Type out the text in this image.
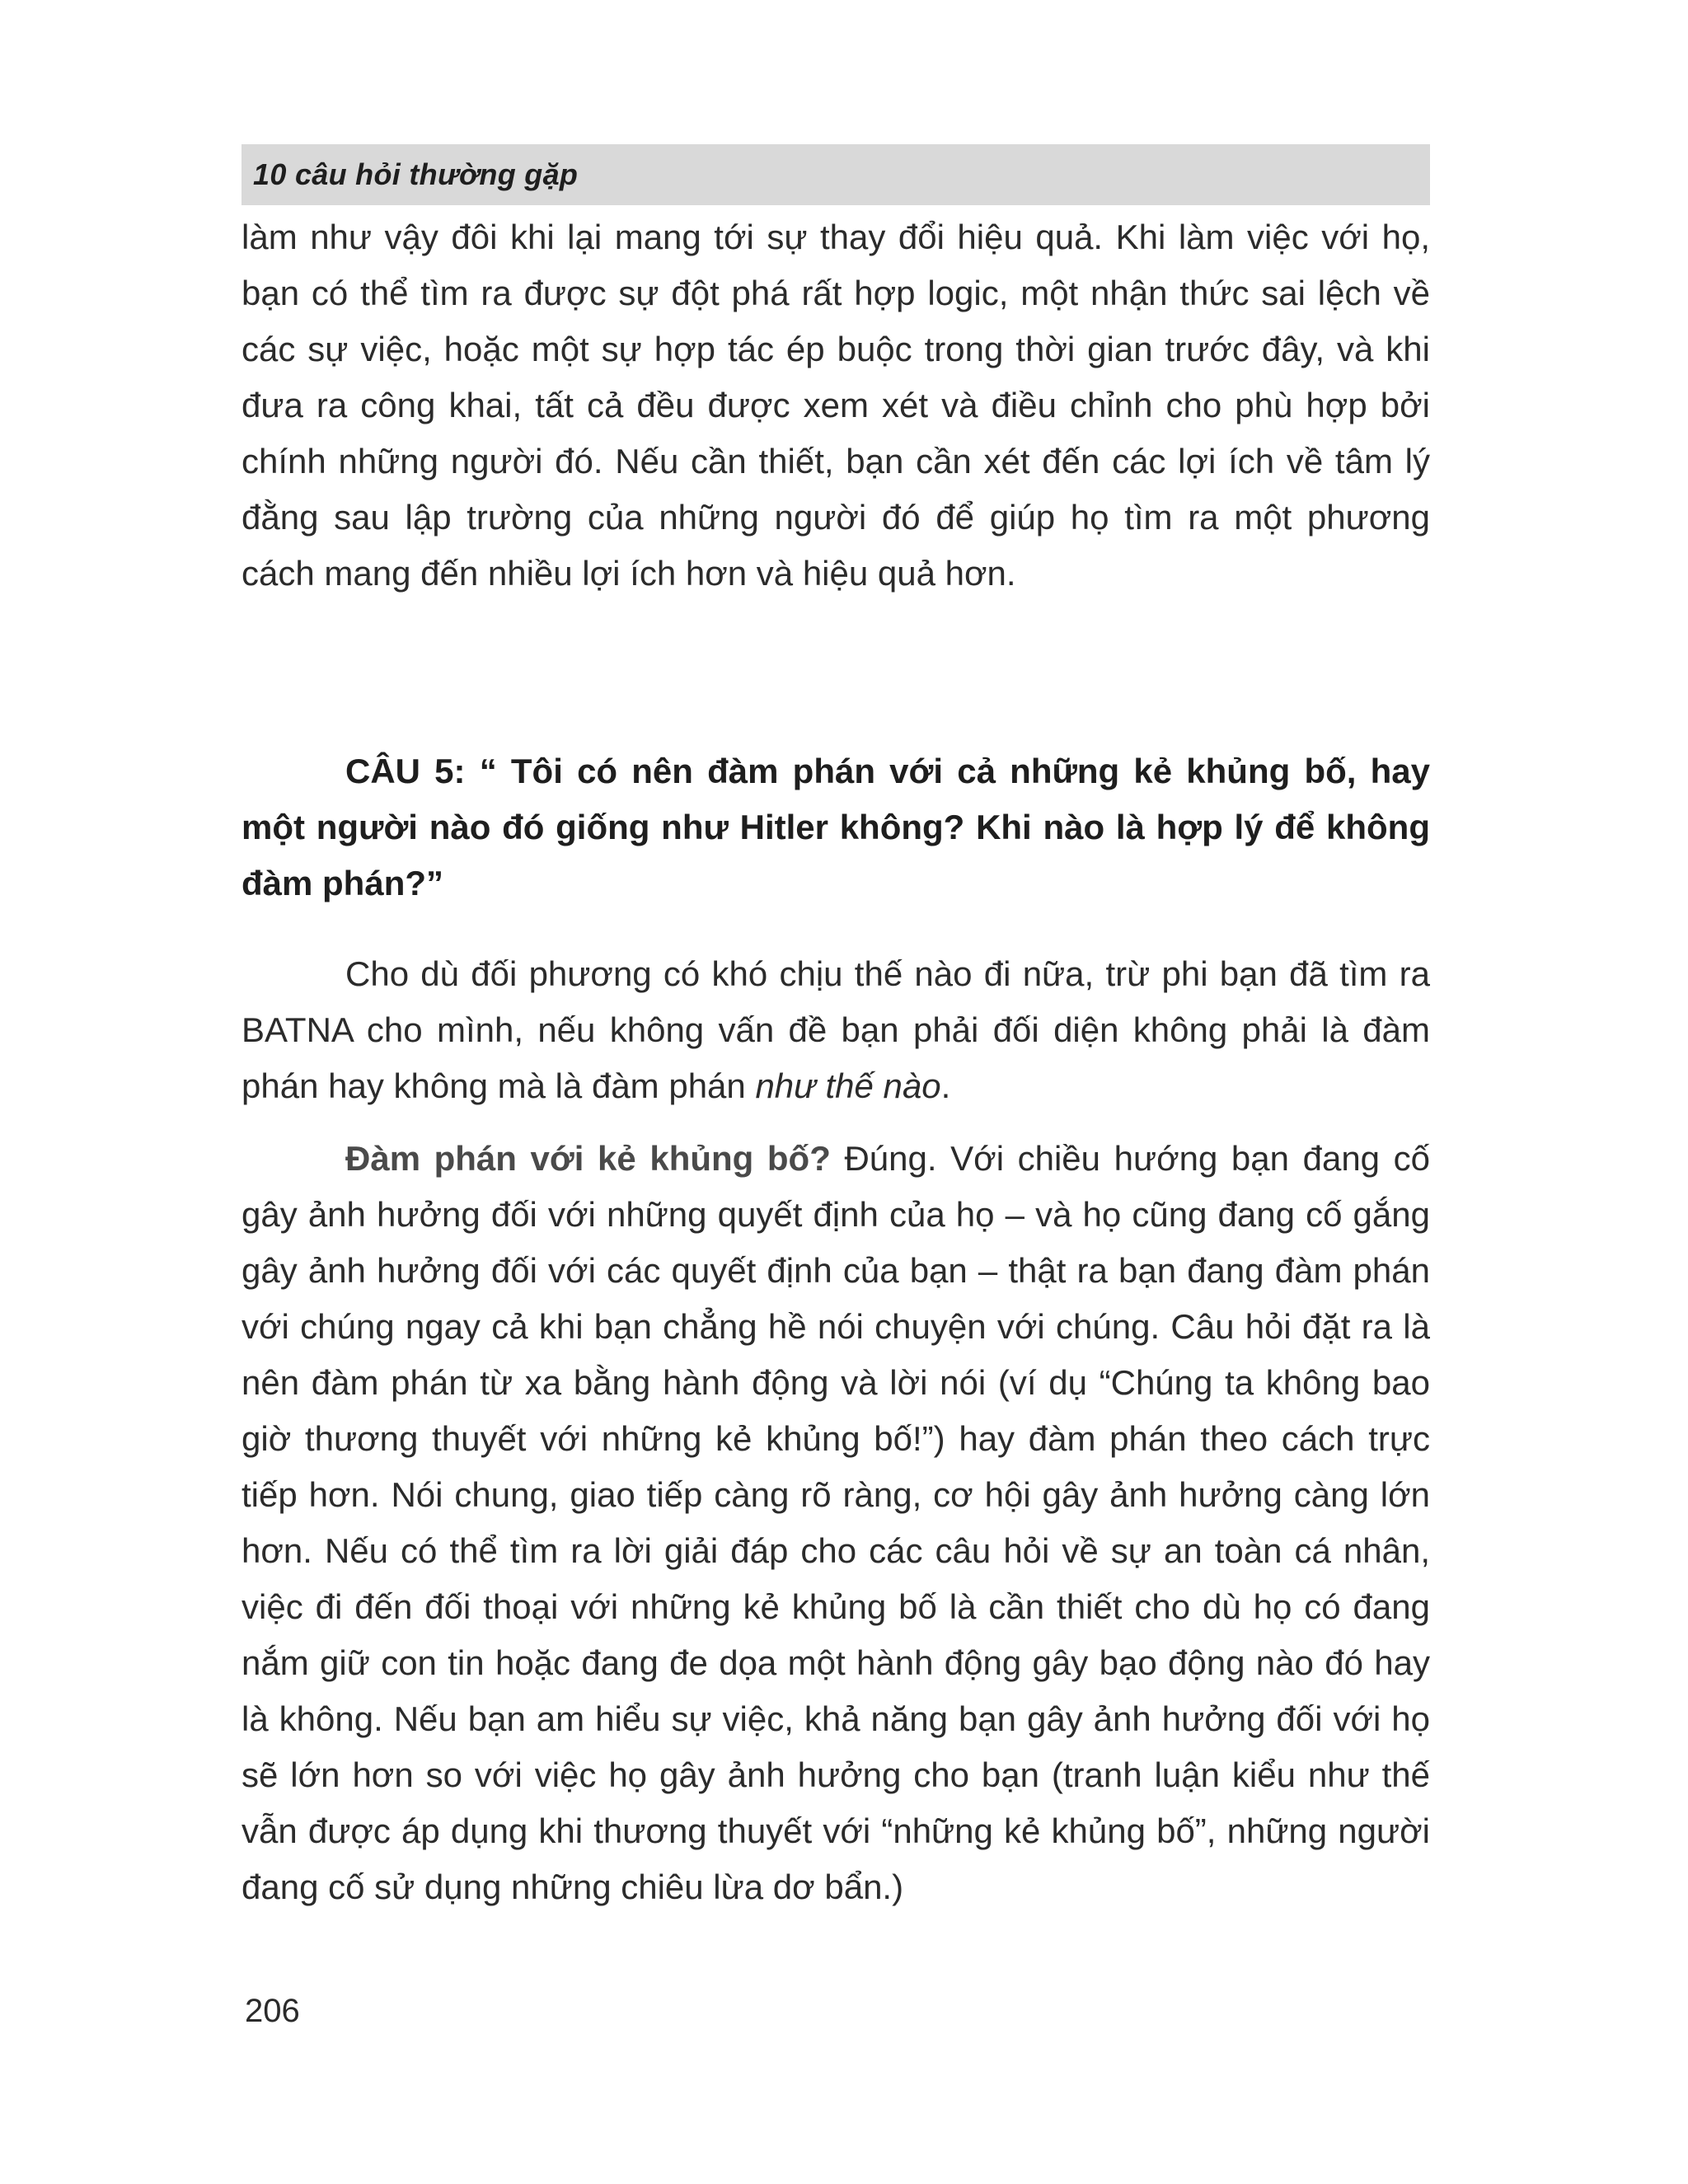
10 câu hỏi thường gặp

làm như vậy đôi khi lại mang tới sự thay đổi hiệu quả. Khi làm việc với họ, bạn có thể tìm ra được sự đột phá rất hợp logic, một nhận thức sai lệch về các sự việc, hoặc một sự hợp tác ép buộc trong thời gian trước đây, và khi đưa ra công khai, tất cả đều được xem xét và điều chỉnh cho phù hợp bởi chính những người đó. Nếu cần thiết, bạn cần xét đến các lợi ích về tâm lý đằng sau lập trường của những người đó để giúp họ tìm ra một phương cách mang đến nhiều lợi ích hơn và hiệu quả hơn.

CÂU 5: “ Tôi có nên đàm phán với cả những kẻ khủng bố, hay một người nào đó giống như Hitler không? Khi nào là hợp lý để không đàm phán?”

Cho dù đối phương có khó chịu thế nào đi nữa, trừ phi bạn đã tìm ra BATNA cho mình, nếu không vấn đề bạn phải đối diện không phải là đàm phán hay không mà là đàm phán như thế nào.

Đàm phán với kẻ khủng bố? Đúng. Với chiều hướng bạn đang cố gây ảnh hưởng đối với những quyết định của họ – và họ cũng đang cố gắng gây ảnh hưởng đối với các quyết định của bạn – thật ra bạn đang đàm phán với chúng ngay cả khi bạn chẳng hề nói chuyện với chúng. Câu hỏi đặt ra là nên đàm phán từ xa bằng hành động và lời nói (ví dụ “Chúng ta không bao giờ thương thuyết với những kẻ khủng bố!”) hay đàm phán theo cách trực tiếp hơn. Nói chung, giao tiếp càng rõ ràng, cơ hội gây ảnh hưởng càng lớn hơn. Nếu có thể tìm ra lời giải đáp cho các câu hỏi về sự an toàn cá nhân, việc đi đến đối thoại với những kẻ khủng bố là cần thiết cho dù họ có đang nắm giữ con tin hoặc đang đe dọa một hành động gây bạo động nào đó hay là không. Nếu bạn am hiểu sự việc, khả năng bạn gây ảnh hưởng đối với họ sẽ lớn hơn so với việc họ gây ảnh hưởng cho bạn (tranh luận kiểu như thế vẫn được áp dụng khi thương thuyết với “những kẻ khủng bố”, những người đang cố sử dụng những chiêu lừa dơ bẩn.)

206
